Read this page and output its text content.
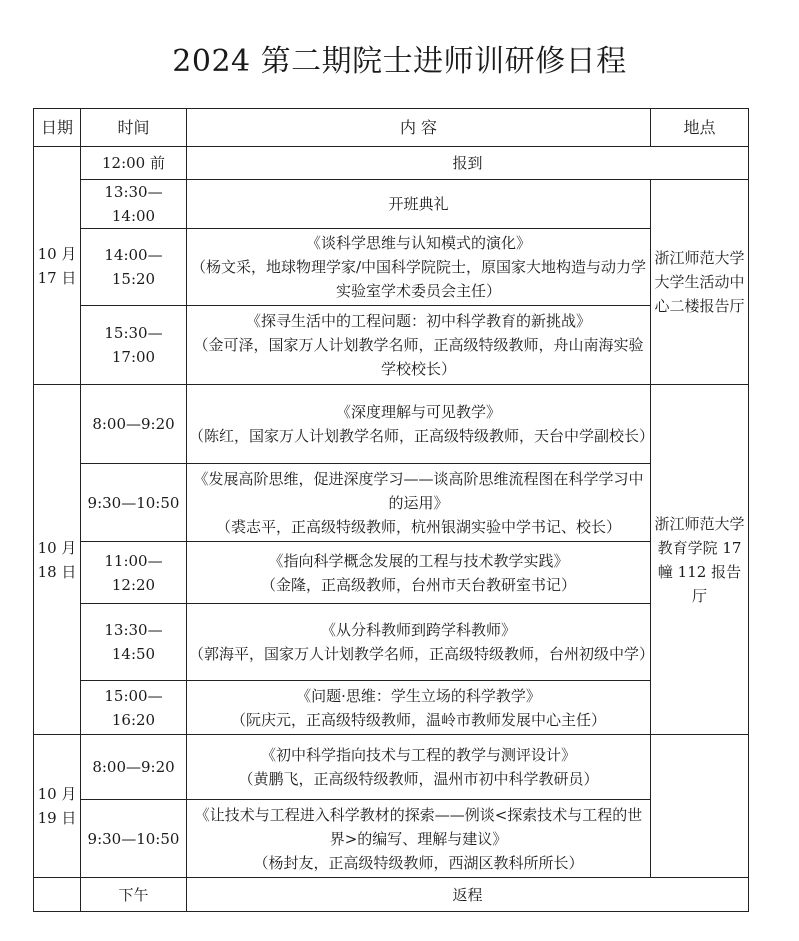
2024 第二期院士进师训研修日程
日期	时间	内 容	地点

10 月
17 日	12:00 前	报到	
	13:30—14:00	开班典礼	浙江师范大学大学生活动中心二楼报告厅
	14:00—15:20	《谈科学思维与认知模式的演化》
（杨文采，地球物理学家/中国科学院院士，原国家大地构造与动力学实验室学术委员会主任）	

	15:30—17:00	《探寻生活中的工程问题：初中科学教育的新挑战》
（金可泽，国家万人计划教学名师，正高级特级教师，舟山南海实验学校校长）	

10 月
18 日	8:00—9:20	《深度理解与可见教学》
（陈红，国家万人计划教学名师，正高级特级教师，天台中学副校长）	浙江师范大学教育学院 17 幢 112 报告厅
	9:30—10:50	《发展高阶思维，促进深度学习——谈高阶思维流程图在科学学习中的运用》
（裘志平，正高级特级教师，杭州银湖实验中学书记、校长）	

	11:00—12:20	《指向科学概念发展的工程与技术教学实践》
（金隆，正高级教师，台州市天台教研室书记）	

	13:30—14:50	《从分科教师到跨学科教师》
（郭海平，国家万人计划教学名师，正高级特级教师，台州初级中学）	

	15:00—16:20	《问题·思维：学生立场的科学教学》
（阮庆元，正高级特级教师，温岭市教师发展中心主任）	

10 月
19 日	8:00—9:20	《初中科学指向技术与工程的教学与测评设计》
（黄鹏飞，正高级特级教师，温州市初中科学教研员）	

	9:30—10:50	《让技术与工程进入科学教材的探索——例谈<探索技术与工程的世界>的编写、理解与建议》
（杨封友，正高级特级教师，西湖区教科所所长）	

	下午	返程	
